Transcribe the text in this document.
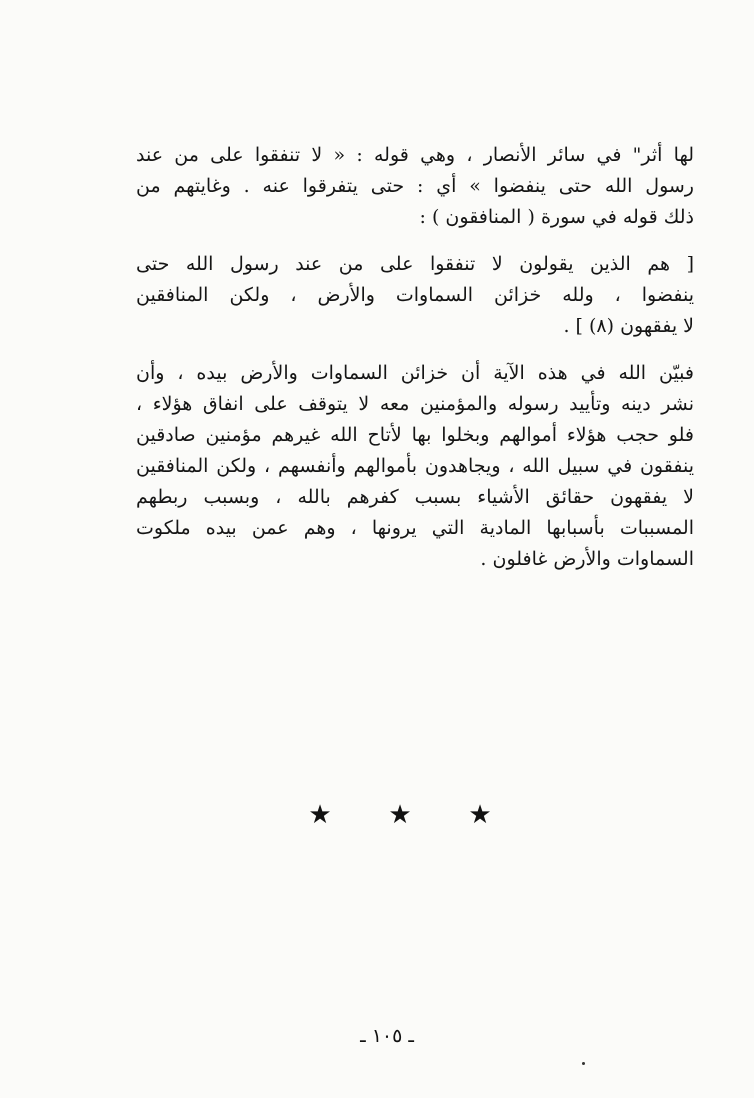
لها أثر" في سائر الأنصار ، وهي قوله : « لا تنفقوا على من عند
رسول الله حتى ينفضوا » أي : حتى يتفرقوا عنه . وغايتهم من
ذلك قوله في سورة ( المنافقون ) :
[ هم الذين يقولون لا تنفقوا على من عند رسول الله حتى
ينفضوا ، ولله خزائن السماوات والأرض ، ولكن المنافقين
لا يفقهون (٨) ] .
فبيّن الله في هذه الآية أن خزائن السماوات والأرض بيده ، وأن
نشر دينه وتأييد رسوله والمؤمنين معه لا يتوقف على انفاق هؤلاء ،
فلو حجب هؤلاء أموالهم وبخلوا بها لأتاح الله غيرهم مؤمنين صادقين
ينفقون في سبيل الله ، ويجاهدون بأموالهم وأنفسهم ، ولكن المنافقين
لا يفقهون حقائق الأشياء بسبب كفرهم بالله ، وبسبب ربطهم
المسببات بأسبابها المادية التي يرونها ، وهم عمن بيده ملكوت
السماوات والأرض غافلون .
★	★	★
ـ ١٠٥ ـ
